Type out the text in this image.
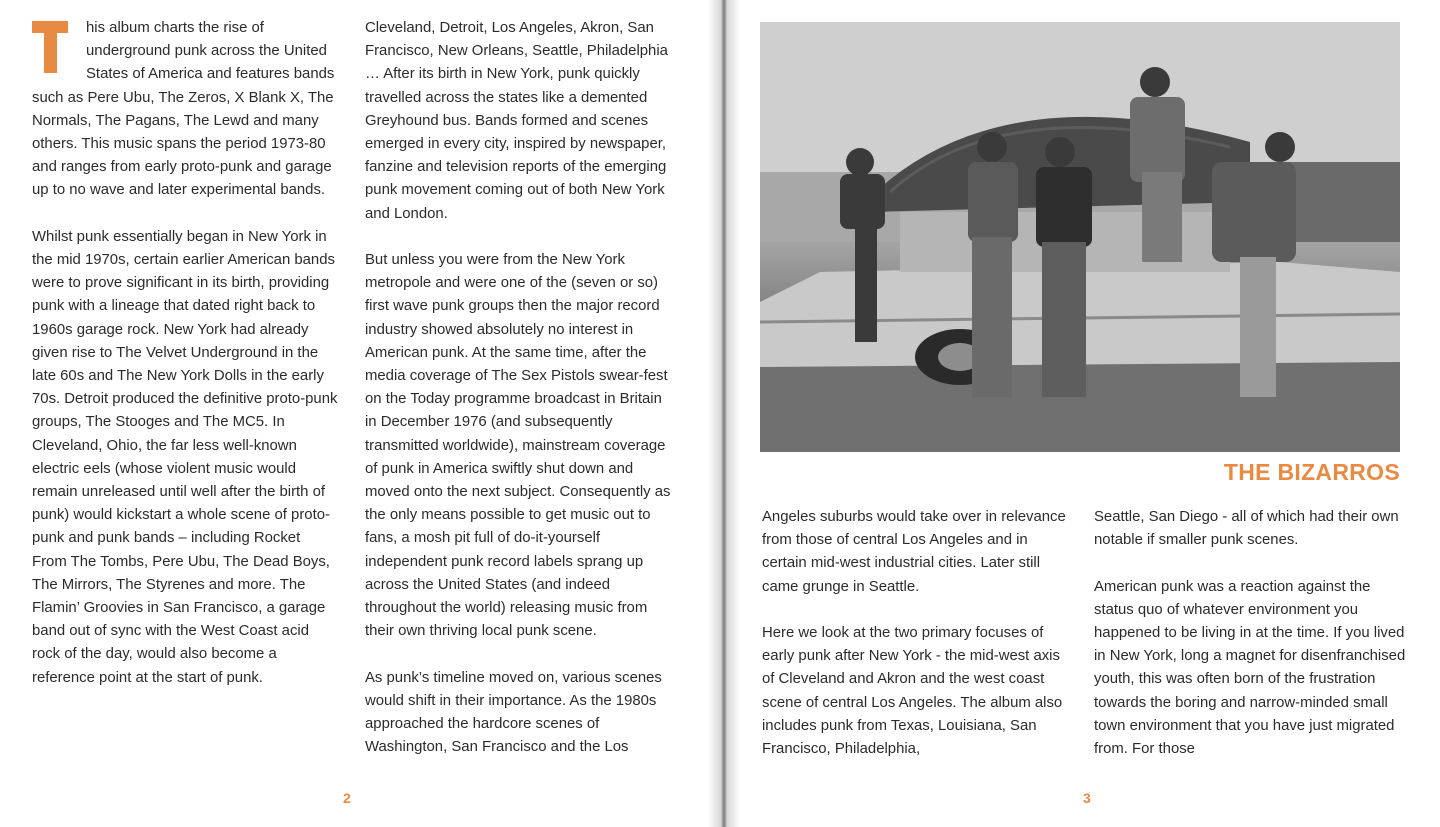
his album charts the rise of underground punk across the United States of America and features bands such as Pere Ubu, The Zeros, X Blank X, The Normals, The Pagans, The Lewd and many others. This music spans the period 1973-80 and ranges from early proto-punk and garage up to no wave and later experimental bands.

Whilst punk essentially began in New York in the mid 1970s, certain earlier American bands were to prove significant in its birth, providing punk with a lineage that dated right back to 1960s garage rock. New York had already given rise to The Velvet Underground in the late 60s and The New York Dolls in the early 70s. Detroit produced the definitive proto-punk groups, The Stooges and The MC5. In Cleveland, Ohio, the far less well-known electric eels (whose violent music would remain unreleased until well after the birth of punk) would kickstart a whole scene of proto-punk and punk bands – including Rocket From The Tombs, Pere Ubu, The Dead Boys, The Mirrors, The Styrenes and more. The Flamin’ Groovies in San Francisco, a garage band out of sync with the West Coast acid rock of the day, would also become a reference point at the start of punk.

Cleveland, Detroit, Los Angeles, Akron, San Francisco, New Orleans, Seattle, Philadelphia … After its birth in New York, punk quickly travelled across the states like a demented Greyhound bus. Bands formed and scenes emerged in every city, inspired by newspaper, fanzine and television reports of the emerging punk movement coming out of both New York and London.

But unless you were from the New York metropole and were one of the (seven or so) first wave punk groups then the major record industry showed absolutely no interest in American punk. At the same time, after the media coverage of The Sex Pistols swear-fest on the Today programme broadcast in Britain in December 1976 (and subsequently transmitted worldwide), mainstream coverage of punk in America swiftly shut down and moved onto the next subject. Consequently as the only means possible to get music out to fans, a mosh pit full of do-it-yourself independent punk record labels sprang up across the United States (and indeed throughout the world) releasing music from their own thriving local punk scene.

As punk’s timeline moved on, various scenes would shift in their importance. As the 1980s approached the hardcore scenes of Washington, San Francisco and the Los

2
THE BIZARROS

Angeles suburbs would take over in relevance from those of central Los Angeles and in certain mid-west industrial cities. Later still came grunge in Seattle.

Here we look at the two primary focuses of early punk after New York - the mid-west axis of Cleveland and Akron and the west coast scene of central Los Angeles. The album also includes punk from Texas, Louisiana, San Francisco, Philadelphia,

Seattle, San Diego - all of which had their own notable if smaller punk scenes.

American punk was a reaction against the status quo of whatever environment you happened to be living in at the time. If you lived in New York, long a magnet for disenfranchised youth, this was often born of the frustration towards the boring and narrow-minded small town environment that you have just migrated from. For those

3
